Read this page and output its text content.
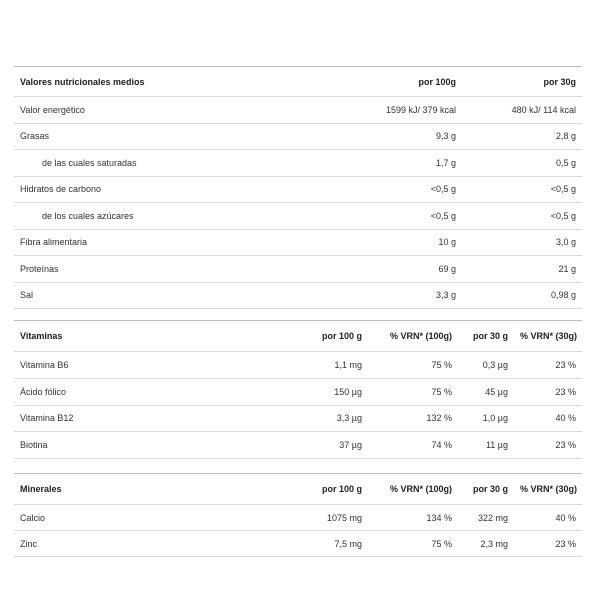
Valores nutricionales medios	por 100g	por 30g
Valor energético	1599 kJ/ 379 kcal	480 kJ/ 114 kcal
Grasas	9,3 g	2,8 g
de las cuales saturadas	1,7 g	0,5 g
Hidratos de carbono	<0,5 g	<0,5 g
de los cuales azúcares	<0,5 g	<0,5 g
Fibra alimentaria	10 g	3,0 g
Proteínas	69 g	21 g
Sal	3,3 g	0,98 g
Vitaminas	por 100 g	% VRN* (100g)	por 30 g	% VRN* (30g)
Vitamina B6	1,1 mg	75 %	0,3 µg	23 %
Ácido fólico	150 µg	75 %	45 µg	23 %
Vitamina B12	3,3 µg	132 %	1,0 µg	40 %
Biotina	37 µg	74 %	11 µg	23 %
Minerales	por 100 g	% VRN* (100g)	por 30 g	% VRN* (30g)
Calcio	1075 mg	134 %	322 mg	40 %
Zinc	7,5 mg	75 %	2,3 mg	23 %
